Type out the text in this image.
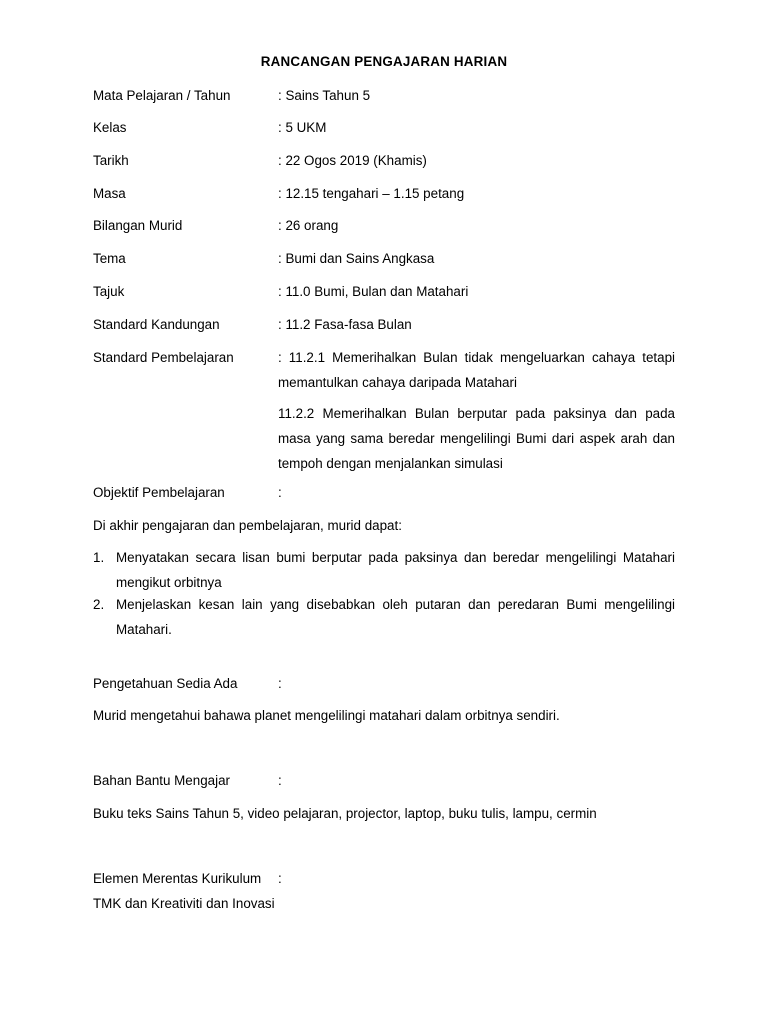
RANCANGAN PENGAJARAN HARIAN
Mata Pelajaran / Tahun	: Sains Tahun 5
Kelas	: 5 UKM
Tarikh	: 22 Ogos 2019 (Khamis)
Masa	: 12.15 tengahari – 1.15 petang
Bilangan Murid	: 26 orang
Tema	: Bumi dan Sains Angkasa
Tajuk	: 11.0 Bumi, Bulan dan Matahari
Standard Kandungan	: 11.2 Fasa-fasa Bulan
Standard Pembelajaran	: 11.2.1 Memerihalkan Bulan tidak mengeluarkan cahaya tetapi memantulkan cahaya daripada Matahari
11.2.2 Memerihalkan Bulan berputar pada paksinya dan pada masa yang sama beredar mengelilingi Bumi dari aspek arah dan tempoh dengan menjalankan simulasi
Objektif Pembelajaran	:
Di akhir pengajaran dan pembelajaran, murid dapat:
1. Menyatakan secara lisan bumi berputar pada paksinya dan beredar mengelilingi Matahari mengikut orbitnya
2. Menjelaskan kesan lain yang disebabkan oleh putaran dan peredaran Bumi mengelilingi Matahari.
Pengetahuan Sedia Ada	:
Murid mengetahui bahawa planet mengelilingi matahari dalam orbitnya sendiri.
Bahan Bantu Mengajar	:
Buku teks Sains Tahun 5, video pelajaran, projector, laptop, buku tulis, lampu, cermin
Elemen Merentas Kurikulum :
TMK dan Kreativiti dan Inovasi
